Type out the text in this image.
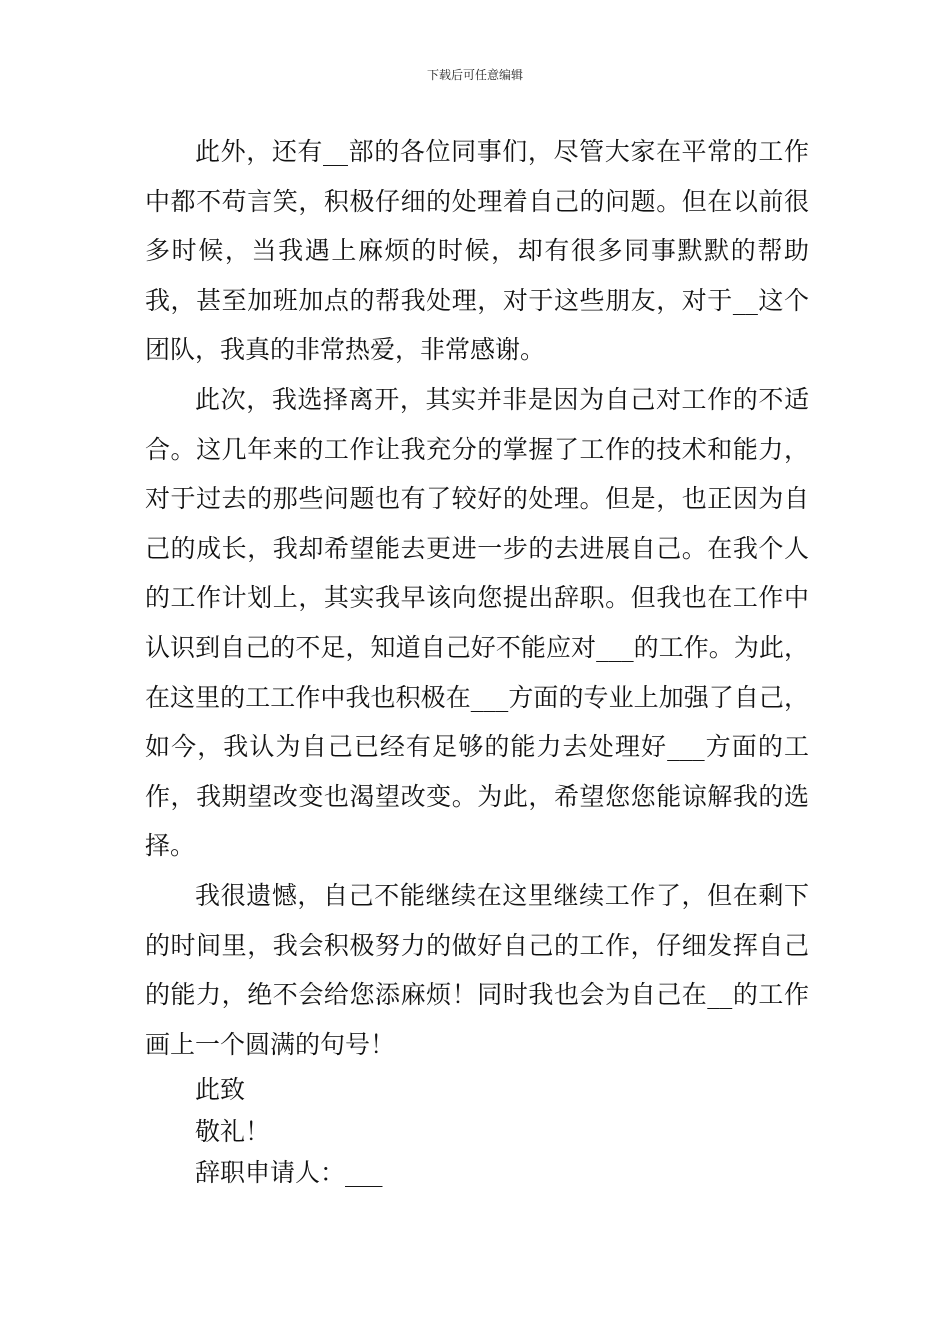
下载后可任意编辑

此外，还有__部的各位同事们，尽管大家在平常的工作中都不苟言笑，积极仔细的处理着自己的问题。但在以前很多时候，当我遇上麻烦的时候，却有很多同事默默的帮助我，甚至加班加点的帮我处理，对于这些朋友，对于__这个团队，我真的非常热爱，非常感谢。

此次，我选择离开，其实并非是因为自己对工作的不适合。这几年来的工作让我充分的掌握了工作的技术和能力，对于过去的那些问题也有了较好的处理。但是，也正因为自己的成长，我却希望能去更进一步的去进展自己。在我个人的工作计划上，其实我早该向您提出辞职。但我也在工作中认识到自己的不足，知道自己好不能应对___的工作。为此，在这里的工工作中我也积极在___方面的专业上加强了自己，如今，我认为自己已经有足够的能力去处理好___方面的工作，我期望改变也渴望改变。为此，希望您您能谅解我的选择。

我很遗憾，自己不能继续在这里继续工作了，但在剩下的时间里，我会积极努力的做好自己的工作，仔细发挥自己的能力，绝不会给您添麻烦！同时我也会为自己在__的工作画上一个圆满的句号！

此致

敬礼！

辞职申请人：___
